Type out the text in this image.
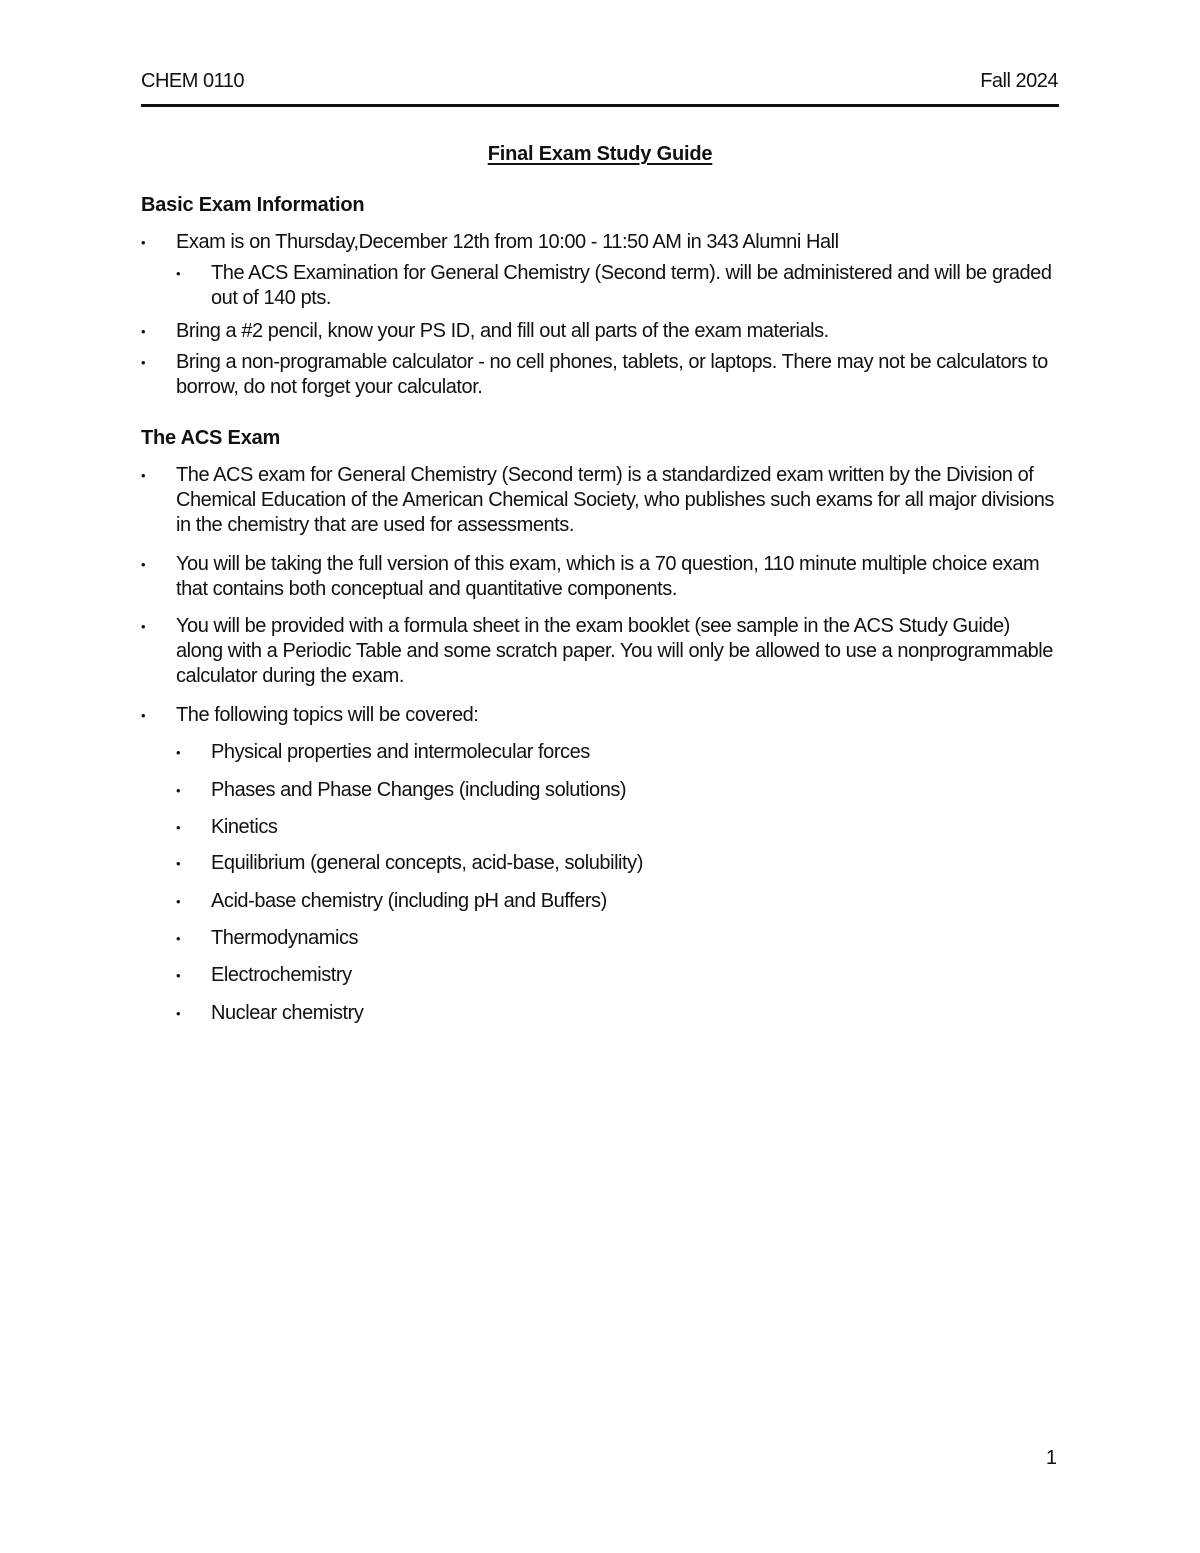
CHEM 0110	Fall 2024
Final Exam Study Guide
Basic Exam Information
• Exam is on Thursday,December 12th from 10:00 - 11:50 AM in 343 Alumni Hall
• The ACS Examination for General Chemistry (Second term). will be administered and will be graded out of 140 pts.
• Bring a #2 pencil, know your PS ID, and fill out all parts of the exam materials.
• Bring a non-programable calculator - no cell phones, tablets, or laptops. There may not be calculators to borrow, do not forget your calculator.
The ACS Exam
• The ACS exam for General Chemistry (Second term) is a standardized exam written by the Division of Chemical Education of the American Chemical Society, who publishes such exams for all major divisions in the chemistry that are used for assessments.
• You will be taking the full version of this exam, which is a 70 question, 110 minute multiple choice exam that contains both conceptual and quantitative components.
• You will be provided with a formula sheet in the exam booklet (see sample in the ACS Study Guide) along with a Periodic Table and some scratch paper. You will only be allowed to use a nonprogrammable calculator during the exam.
• The following topics will be covered:
• Physical properties and intermolecular forces
• Phases and Phase Changes (including solutions)
• Kinetics
• Equilibrium (general concepts, acid-base, solubility)
• Acid-base chemistry (including pH and Buffers)
• Thermodynamics
• Electrochemistry
• Nuclear chemistry
1
